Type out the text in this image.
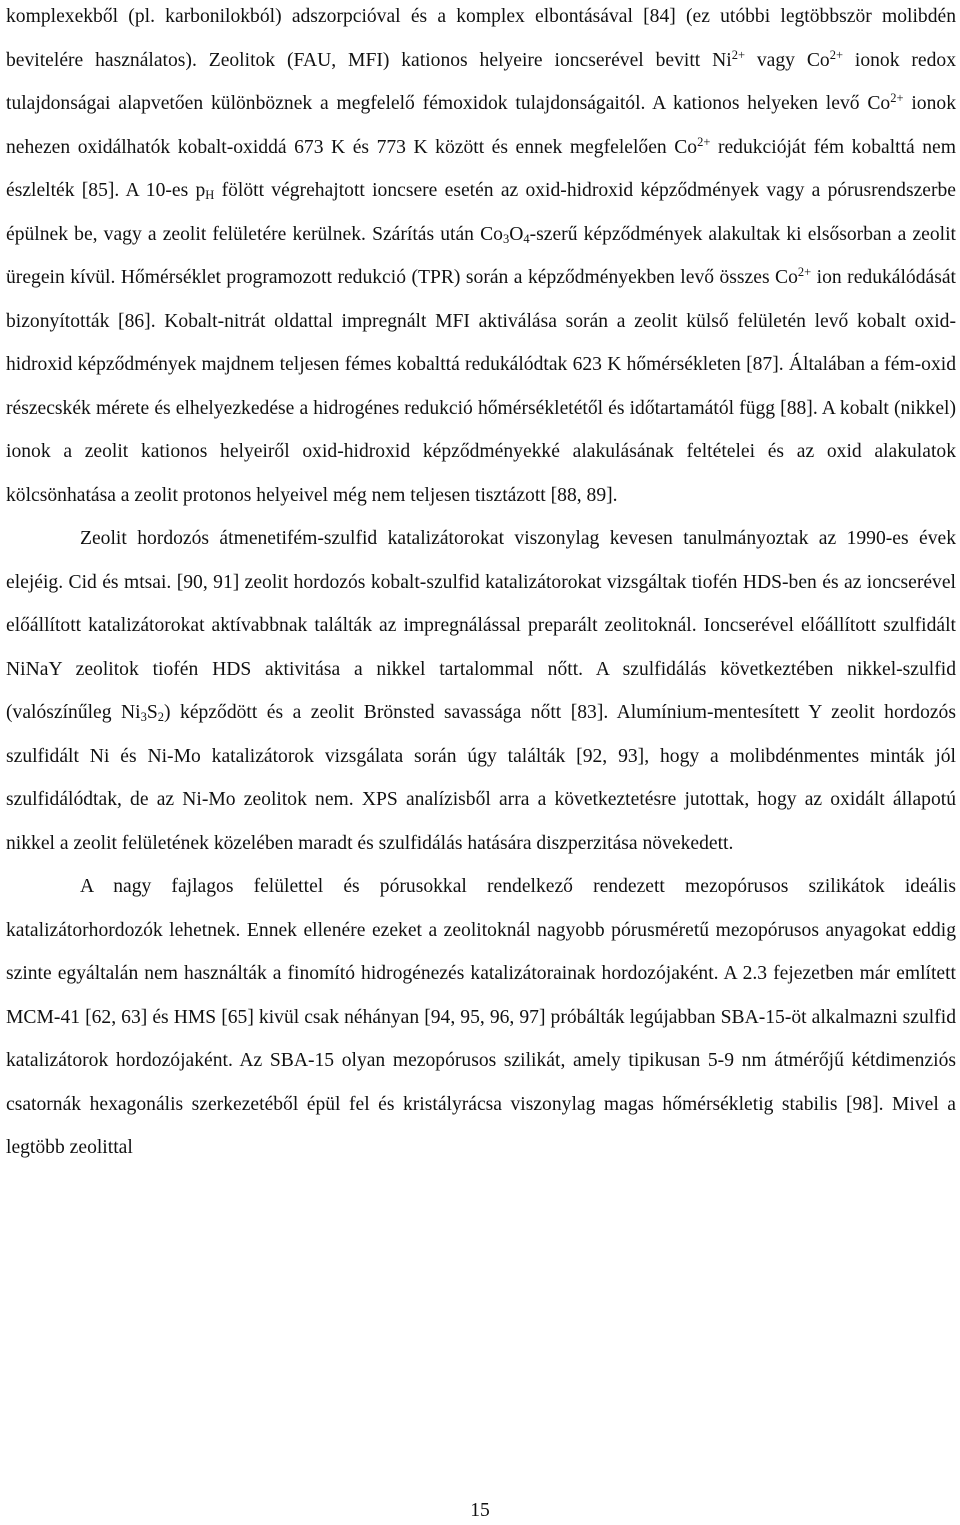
komplexekből (pl. karbonilokból) adszorpcióval és a komplex elbontásával [84] (ez utóbbi legtöbbször molibdén bevitelére használatos). Zeolitok (FAU, MFI) kationos helyeire ioncserével bevitt $Ni^{2+}$ vagy $Co^{2+}$ ionok redox tulajdonságai alapvetően különböznek a megfelelő fémoxidok tulajdonságaitól. A kationos helyeken levő $Co^{2+}$ ionok nehezen oxidálhatók kobalt-oxiddá 673 K és 773 K között és ennek megfelelően $Co^{2+}$ redukcióját fém kobalttá nem észlelték [85]. A 10-es $p_H$ fölött végrehajtott ioncsere esetén az oxid-hidroxid képződmények vagy a pórusrendszerbe épülnek be, vagy a zeolit felületére kerülnek. Szárítás után $Co_3O_4$-szerű képződmények alakultak ki elsősorban a zeolit üregein kívül. Hőmérséklet programozott redukció (TPR) során a képződményekben levő összes $Co^{2+}$ ion redukálódását bizonyították [86]. Kobalt-nitrát oldattal impregnált MFI aktiválása során a zeolit külső felületén levő kobalt oxid-hidroxid képződmények majdnem teljesen fémes kobalttá redukálódtak 623 K hőmérsékleten [87]. Általában a fém-oxid részecskék mérete és elhelyezkedése a hidrogénes redukció hőmérsékletétől és időtartamától függ [88]. A kobalt (nikkel) ionok a zeolit kationos helyeiről oxid-hidroxid képződményekké alakulásának feltételei és az oxid alakulatok kölcsönhatása a zeolit protonos helyeivel még nem teljesen tisztázott [88, 89].

Zeolit hordozós átmenetifém-szulfid katalizátorokat viszonylag kevesen tanulmányoztak az 1990-es évek elejéig. Cid és mtsai. [90, 91] zeolit hordozós kobalt-szulfid katalizátorokat vizsgáltak tiofén HDS-ben és az ioncserével előállított katalizátorokat aktívabbnak találták az impregnálással preparált zeolitoknál. Ioncserével előállított szulfidált NiNaY zeolitok tiofén HDS aktivitása a nikkel tartalommal nőtt. A szulfidálás következtében nikkel-szulfid (valószínűleg $Ni_3S_2$) képződött és a zeolit Brönsted savassága nőtt [83]. Alumínium-mentesített Y zeolit hordozós szulfidált Ni és Ni-Mo katalizátorok vizsgálata során úgy találták [92, 93], hogy a molibdénmentes minták jól szulfidálódtak, de az Ni-Mo zeolitok nem. XPS analízisből arra a következtetésre jutottak, hogy az oxidált állapotú nikkel a zeolit felületének közelében maradt és szulfidálás hatására diszperzitása növekedett.

A nagy fajlagos felülettel és pórusokkal rendelkező rendezett mezopórusos szilikátok ideális katalizátorhordozók lehetnek. Ennek ellenére ezeket a zeolitoknál nagyobb pórusméretű mezopórusos anyagokat eddig szinte egyáltalán nem használták a finomító hidrogénezés katalizátorainak hordozójaként. A 2.3 fejezetben már említett MCM-41 [62, 63] és HMS [65] kivül csak néhányan [94, 95, 96, 97] próbálták legújabban SBA-15-öt alkalmazni szulfid katalizátorok hordozójaként. Az SBA-15 olyan mezopórusos szilikát, amely tipikusan 5-9 nm átmérőjű kétdimenziós csatornák hexagonális szerkezetéből épül fel és kristályrácsa viszonylag magas hőmérsékletig stabilis [98]. Mivel a legtöbb zeolittal

15
